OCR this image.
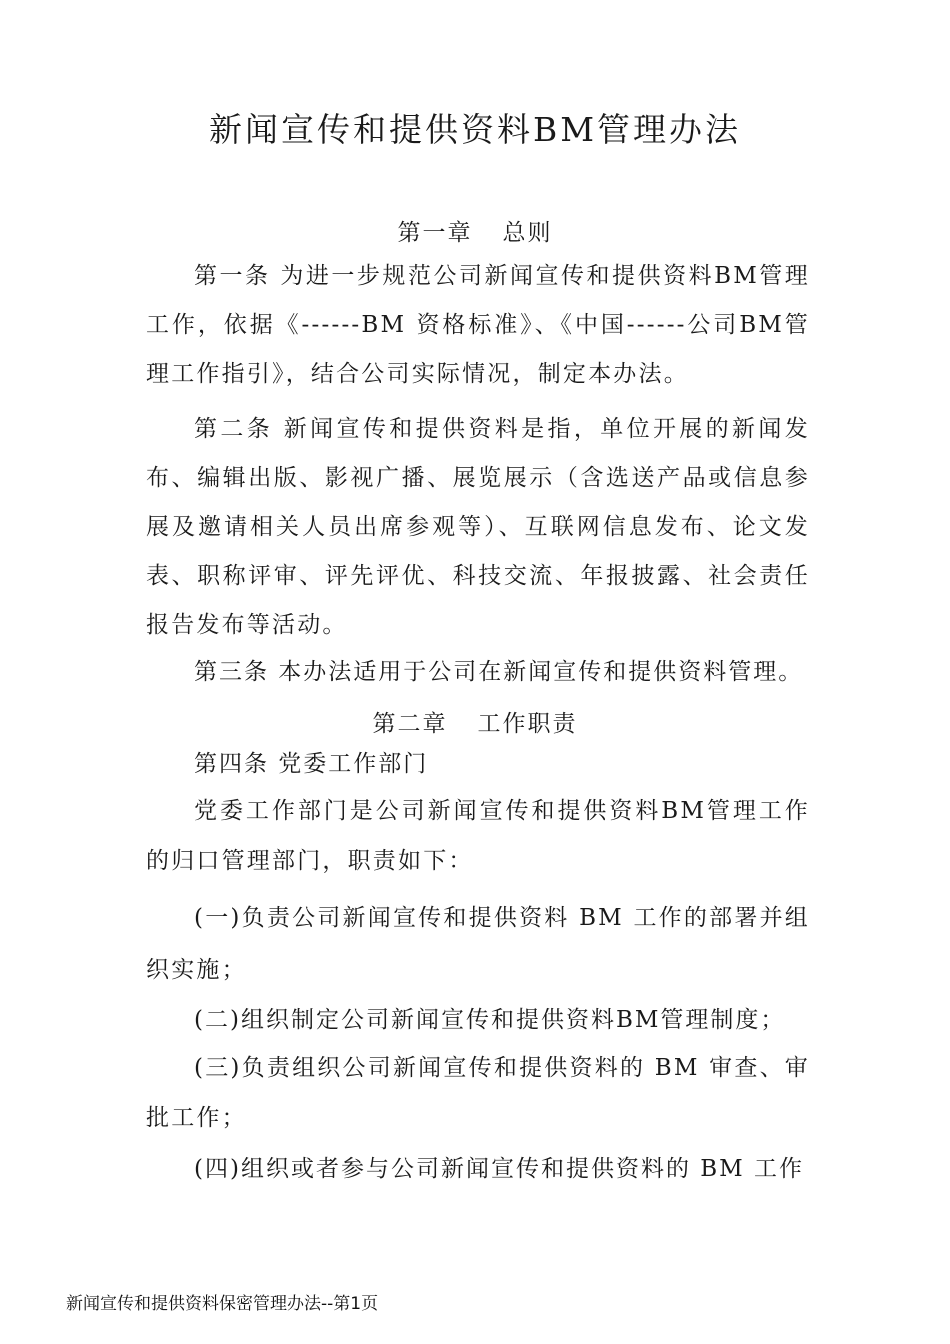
新闻宣传和提供资料BM管理办法
第一章 总则
第一条 为进一步规范公司新闻宣传和提供资料BM管理工作，依据《------BM 资格标准》、《中国------公司BM管理工作指引》，结合公司实际情况，制定本办法。
第二条 新闻宣传和提供资料是指，单位开展的新闻发布、编辑出版、影视广播、展览展示（含选送产品或信息参展及邀请相关人员出席参观等）、互联网信息发布、论文发表、职称评审、评先评优、科技交流、年报披露、社会责任报告发布等活动。
第三条 本办法适用于公司在新闻宣传和提供资料管理。
第二章 工作职责
第四条 党委工作部门
党委工作部门是公司新闻宣传和提供资料BM管理工作的归口管理部门，职责如下：
(一)负责公司新闻宣传和提供资料 BM 工作的部署并组织实施；
(二)组织制定公司新闻宣传和提供资料BM管理制度；
(三)负责组织公司新闻宣传和提供资料的 BM 审查、审批工作；
(四)组织或者参与公司新闻宣传和提供资料的 BM 工作
新闻宣传和提供资料保密管理办法--第1页
